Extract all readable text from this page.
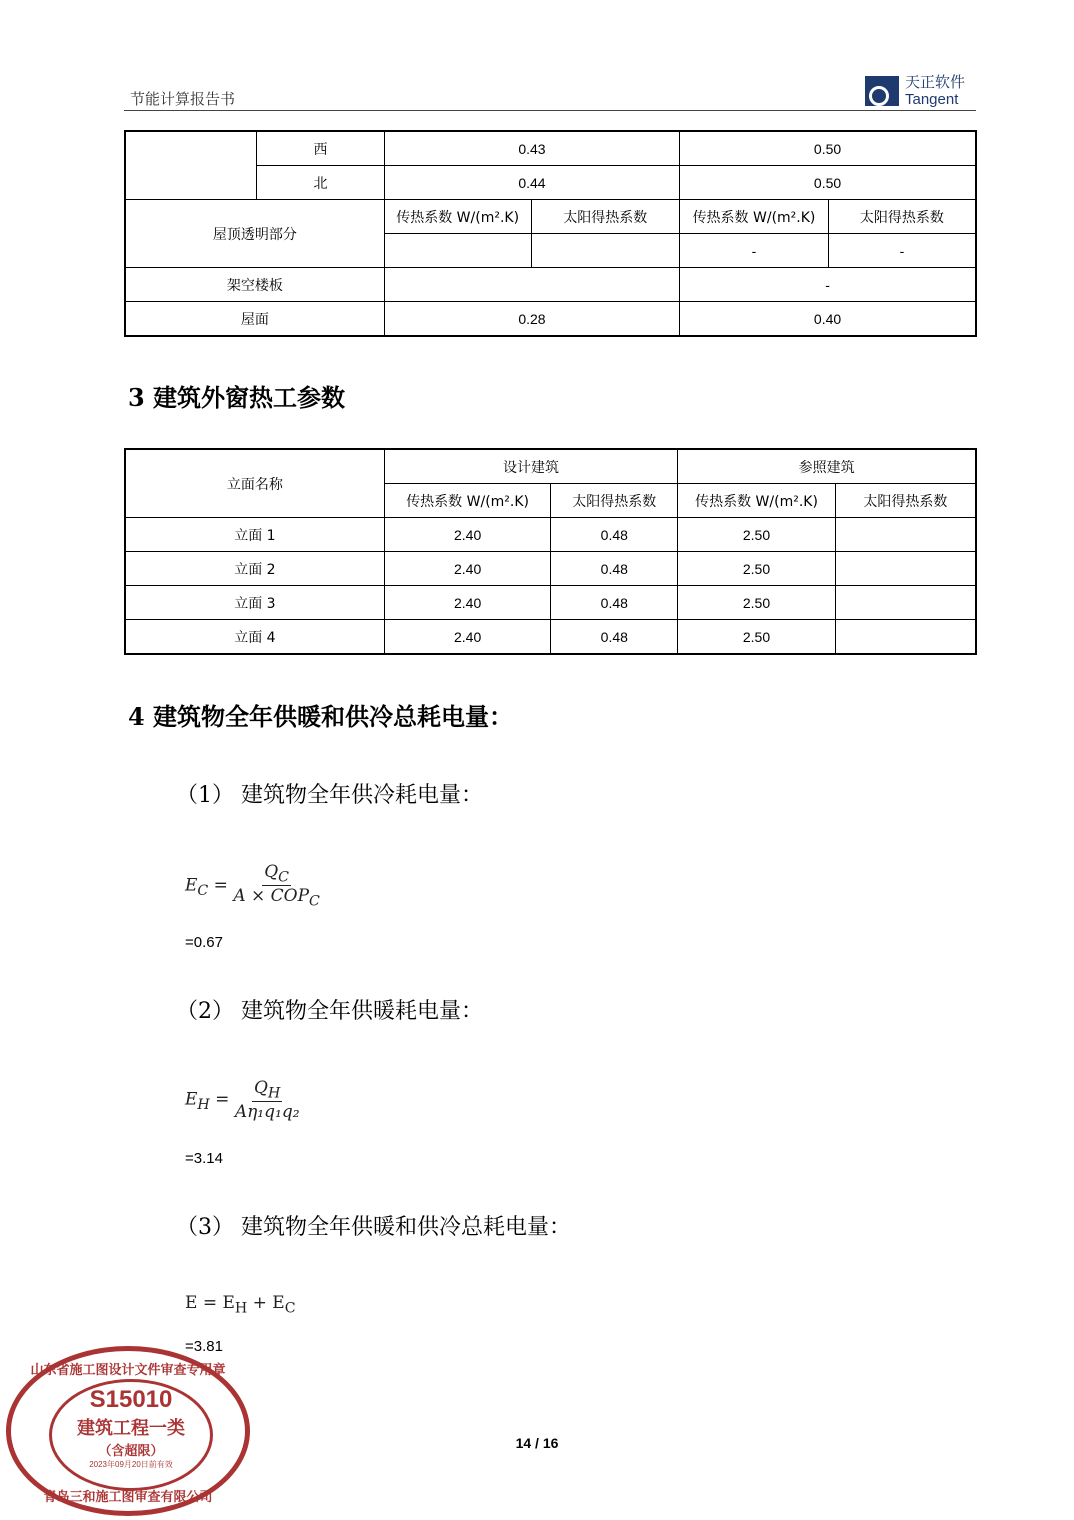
节能计算报告书
天正软件
Tangent
	西	0.43		0.50	
	北	0.44		0.50	
屋顶透明部分		传热系数 W/(m².K)	太阳得热系数	传热系数 W/(m².K)	太阳得热系数
				-	-
架空楼板				-	
屋面		0.28		0.40	
3 建筑外窗热工参数
立面名称	设计建筑		参照建筑	
	传热系数 W/(m².K)	太阳得热系数	传热系数 W/(m².K)	太阳得热系数
立面 1	2.40	0.48	2.50	
立面 2	2.40	0.48	2.50	
立面 3	2.40	0.48	2.50	
立面 4	2.40	0.48	2.50	
4 建筑物全年供暖和供冷总耗电量：
（1） 建筑物全年供冷耗电量：
$E_C = \frac{Q_C}{A \times COP_C}$
=0.67
（2） 建筑物全年供暖耗电量：
$E_H = \frac{Q_H}{\text{Aη₁q₁q₂}}$
=3.14
（3） 建筑物全年供暖和供冷总耗电量：
$E = E_H + E_C$
=3.81
山东省施工图设计文件审查专用章
S15010
建筑工程一类
（含超限）
2023年09月20日前有效
青岛三和施工图审查有限公司
14 / 16
